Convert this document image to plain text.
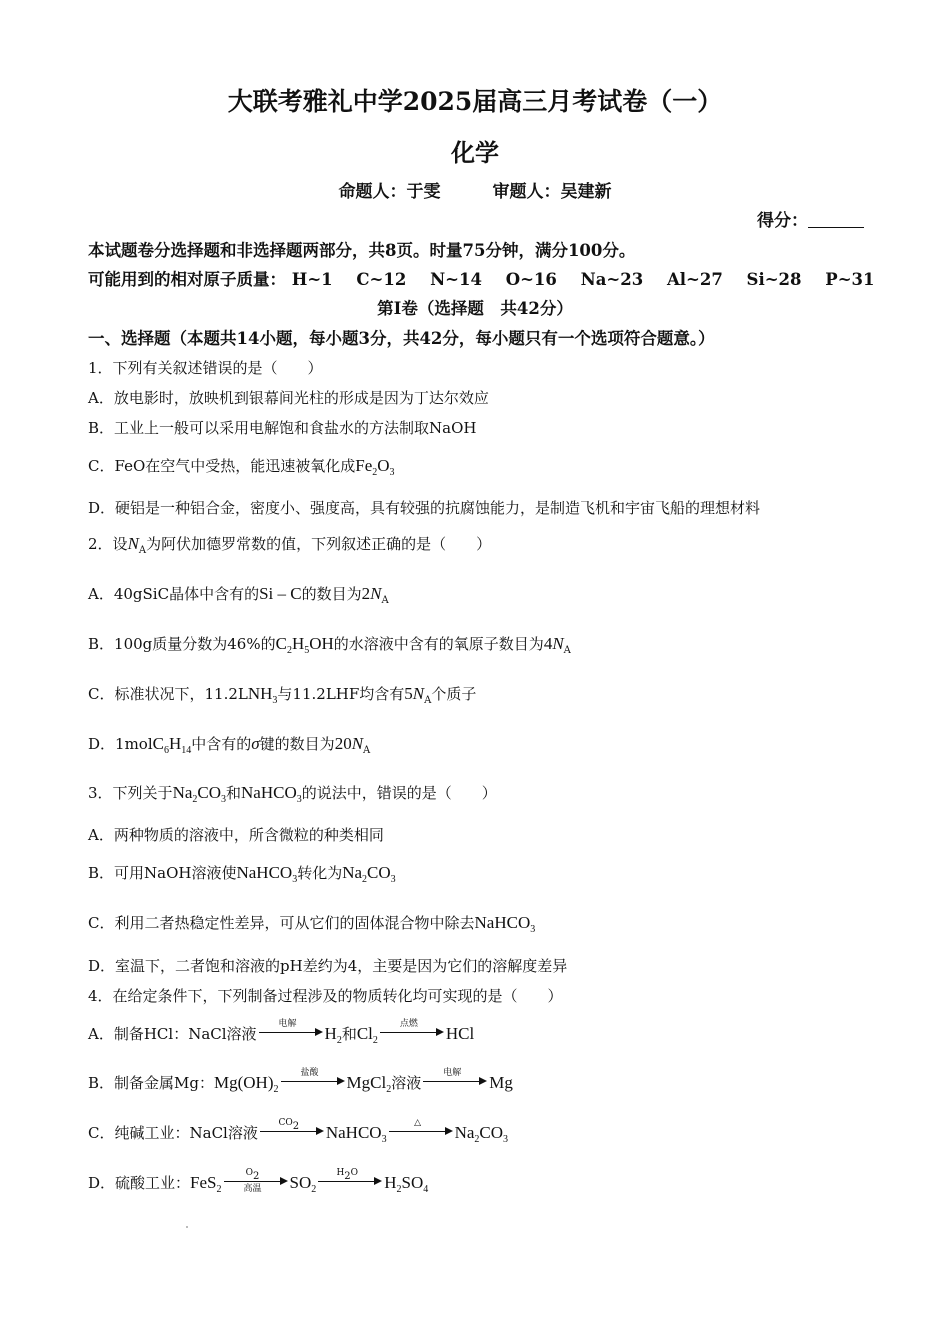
大联考雅礼中学2025届高三月考试卷（一）
化学
命题人：于雯	审题人：吴建新
得分：
本试题卷分选择题和非选择题两部分，共8页。时量75分钟，满分100分。
可能用到的相对原子质量： H~1 C~12 N~14 O~16 Na~23 Al~27 Si~28 P~31
第Ⅰ卷（选择题　共42分）
一、选择题（本题共14小题，每小题3分，共42分，每小题只有一个选项符合题意。）
1．下列有关叙述错误的是（　　）
A．放电影时，放映机到银幕间光柱的形成是因为丁达尔效应
B．工业上一般可以采用电解饱和食盐水的方法制取NaOH
C．FeO在空气中受热，能迅速被氧化成$Fe_2O_3$
D．硬铝是一种铝合金，密度小、强度高，具有较强的抗腐蚀能力，是制造飞机和宇宙飞船的理想材料
2．设$N_A$为阿伏加德罗常数的值，下列叙述正确的是（　　）
A．40gSiC晶体中含有的Si – C的数目为$2N_A$
B．100g质量分数为46%的$C_2H_5OH$的水溶液中含有的氧原子数目为$4N_A$
C．标准状况下，$11.2LNH_3$与11.2LHF均含有$5N_A$个质子
D．$1molC_6H_{14}$中含有的σ键的数目为$20N_A$
3．下列关于$Na_2CO_3$和NaHCO$_3$的说法中，错误的是（　　）
A．两种物质的溶液中，所含微粒的种类相同
B．可用NaOH溶液使NaHCO$_3$转化为$Na_2CO_3$
C．利用二者热稳定性差异，可从它们的固体混合物中除去NaHCO$_3$
D．室温下，二者饱和溶液的pH差约为4，主要是因为它们的溶解度差异
4．在给定条件下，下列制备过程涉及的物质转化均可实现的是（　　）
A．制备HCl：NaCl溶液
电解	$H_2$和$Cl_2$
点燃	HCl
B．制备金属Mg：$Mg(OH)_2$
盐酸	MgCl$_2$溶液
电解	Mg
C．纯碱工业：NaCl溶液
$CO_2$	NaHCO$_3$
△	$Na_2CO_3$
D．硫酸工业：FeS$_2$
$O_2$
高温	$SO_2$
$H_2O$	$H_2SO_4$
